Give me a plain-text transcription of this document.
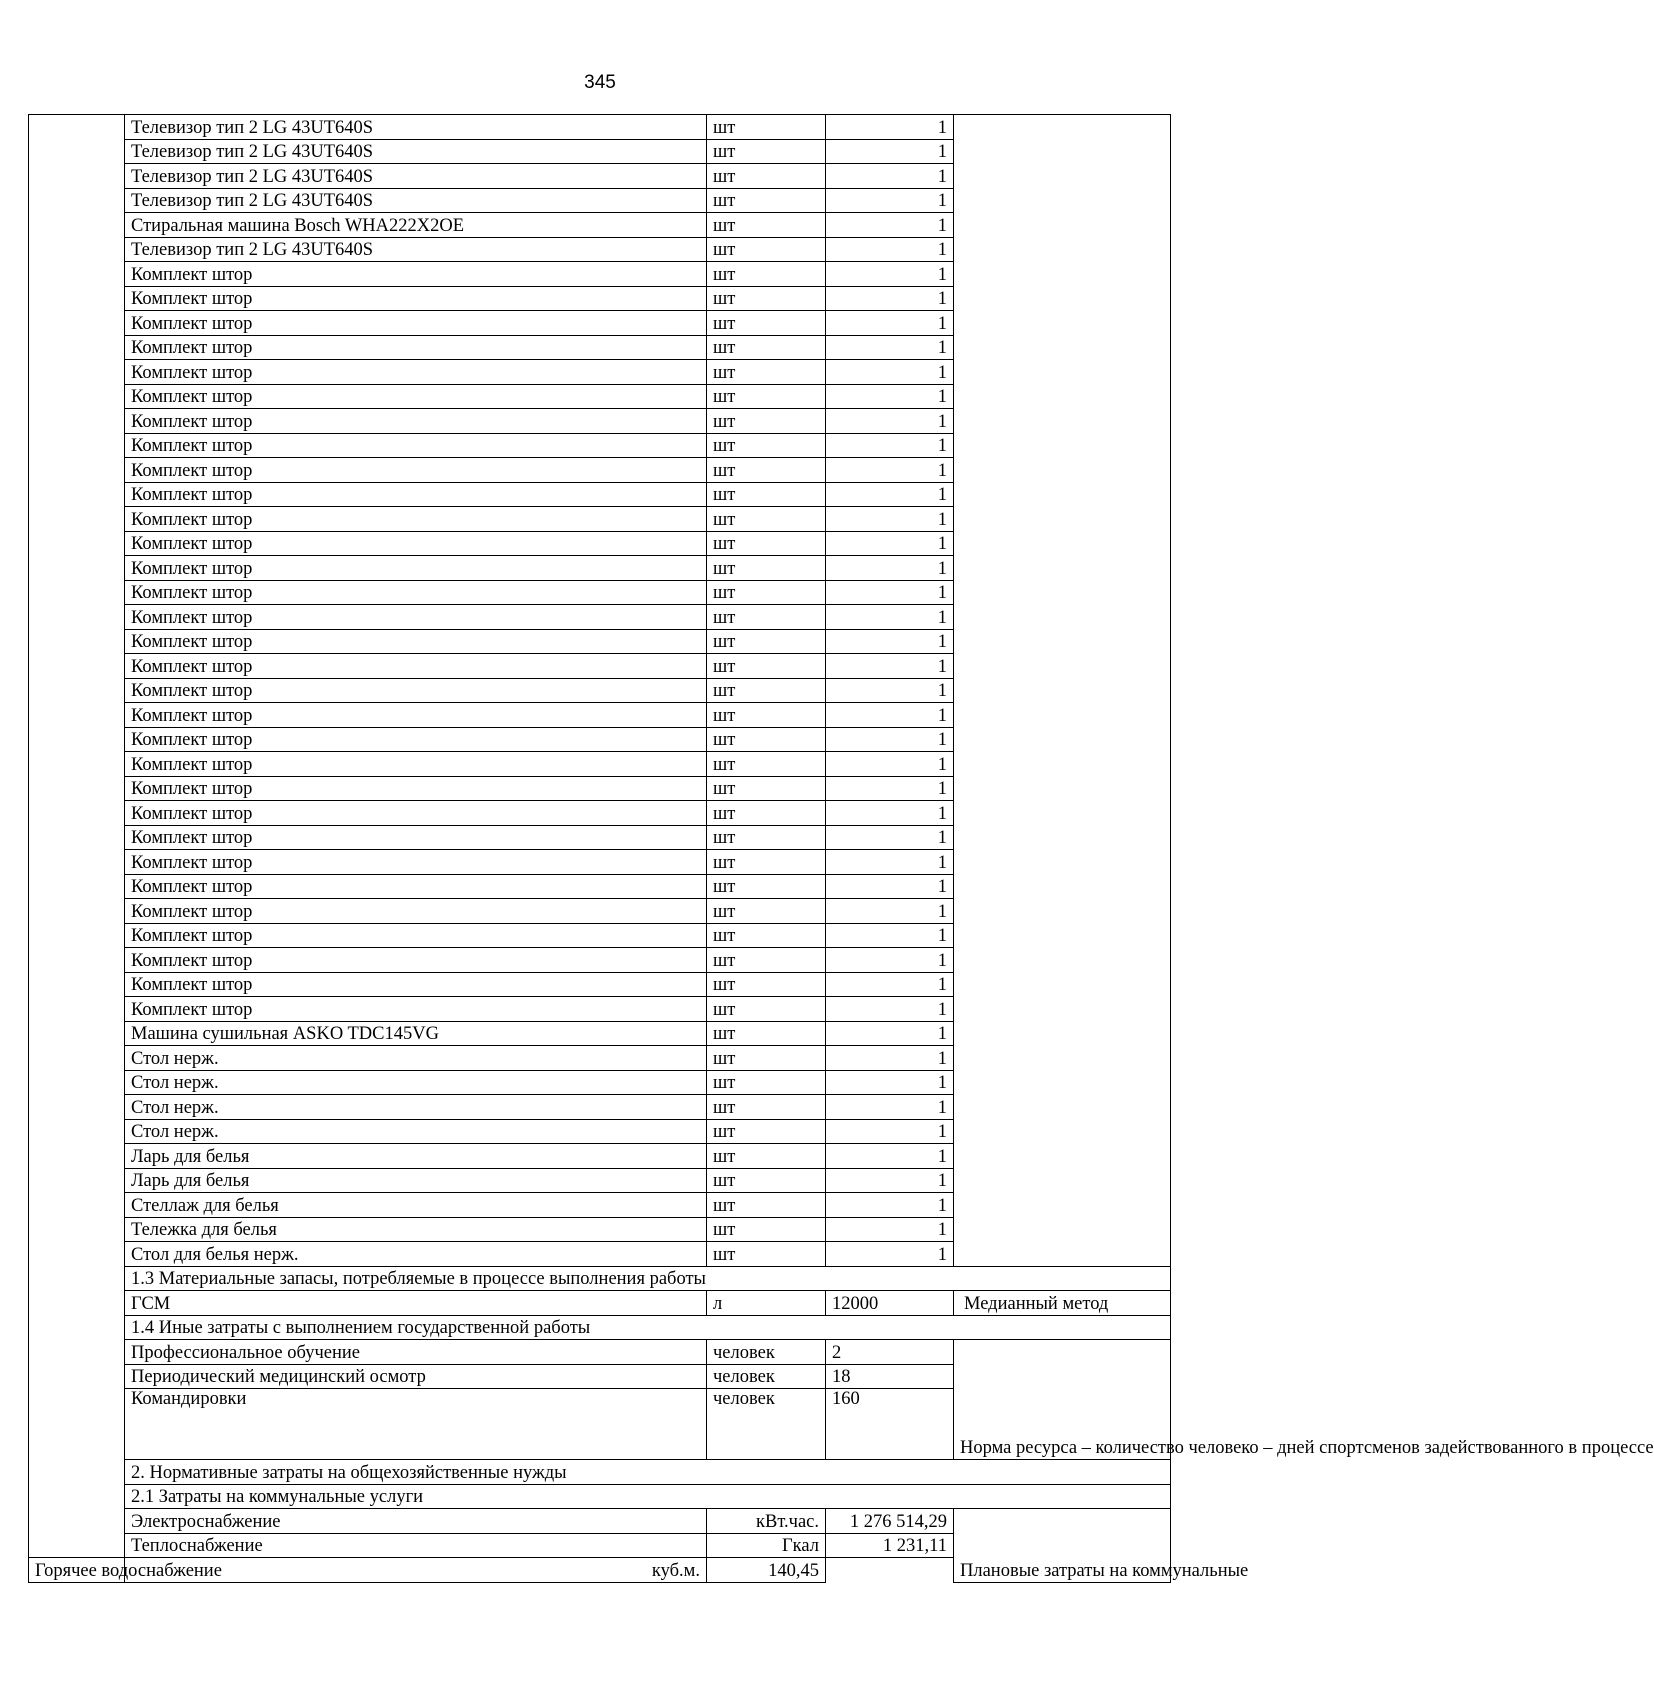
345
	Телевизор тип 2 LG 43UT640S	шт	1	
	Телевизор тип 2 LG 43UT640S	шт	1	
	Телевизор тип 2 LG 43UT640S	шт	1	
	Телевизор тип 2 LG 43UT640S	шт	1	
	Стиральная машина Bosch WHA222X2OE	шт	1	
	Телевизор тип 2 LG 43UT640S	шт	1	
	Комплект штор	шт	1	
	Комплект штор	шт	1	
	Комплект штор	шт	1	
	Комплект штор	шт	1	
	Комплект штор	шт	1	
	Комплект штор	шт	1	
	Комплект штор	шт	1	
	Комплект штор	шт	1	
	Комплект штор	шт	1	
	Комплект штор	шт	1	
	Комплект штор	шт	1	
	Комплект штор	шт	1	
	Комплект штор	шт	1	
	Комплект штор	шт	1	
	Комплект штор	шт	1	
	Комплект штор	шт	1	
	Комплект штор	шт	1	
	Комплект штор	шт	1	
	Комплект штор	шт	1	
	Комплект штор	шт	1	
	Комплект штор	шт	1	
	Комплект штор	шт	1	
	Комплект штор	шт	1	
	Комплект штор	шт	1	
	Комплект штор	шт	1	
	Комплект штор	шт	1	
	Комплект штор	шт	1	
	Комплект штор	шт	1	
	Комплект штор	шт	1	
	Комплект штор	шт	1	
	Комплект штор	шт	1	
	Машина сушильная ASKO TDC145VG	шт	1	
	Стол нерж.	шт	1	
	Стол нерж.	шт	1	
	Стол нерж.	шт	1	
	Стол нерж.	шт	1	
	Ларь для белья	шт	1	
	Ларь для белья	шт	1	
	Стеллаж для белья	шт	1	
	Тележка для белья	шт	1	
	Стол для белья нерж.	шт	1	
	1.3 Материальные запасы, потребляемые в процессе выполнения работы			
	ГСМ	л	12000	Медианный метод
	1.4 Иные затраты с выполнением государственной работы			
	Профессиональное обучение	человек	2	Норма ресурса – количество человеко – дней спортсменов задействованного в процессе
	Периодический медицинский осмотр	человек	18	
	Командировки	человек	160	
	2. Нормативные затраты на общехозяйственные нужды			
	2.1 Затраты на коммунальные услуги			
	Электроснабжение	кВт.час.	1 276 514,29	Плановые затраты на коммунальные
	Теплоснабжение	Гкал	1 231,11	
Горячее водоснабжение	куб.м.	140,45		
